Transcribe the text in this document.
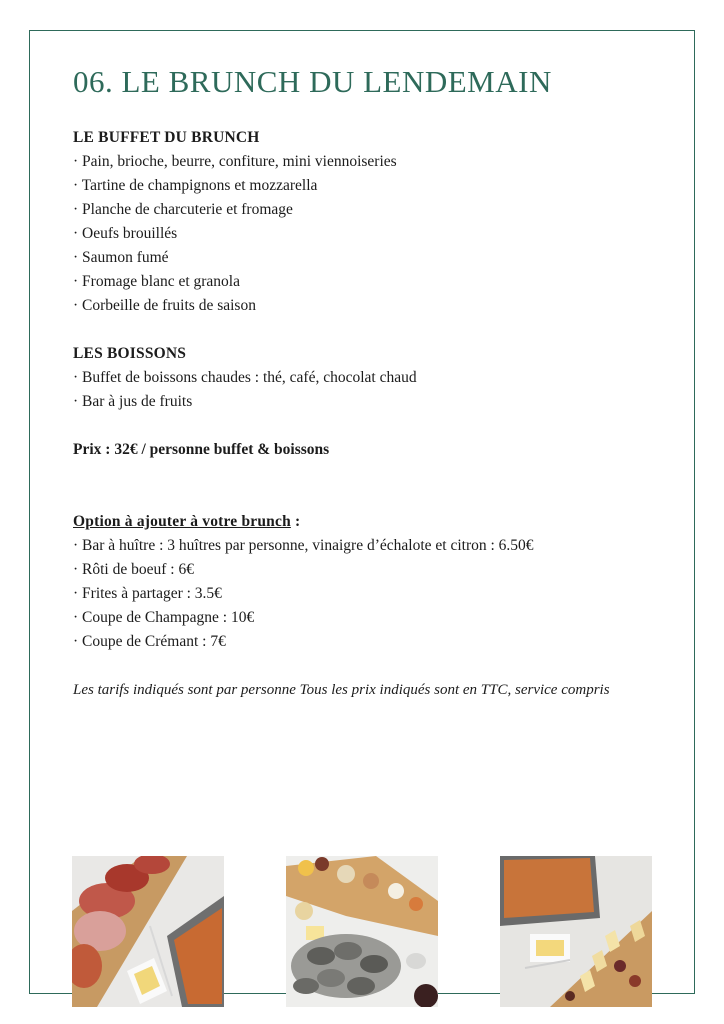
06. LE BRUNCH DU LENDEMAIN
LE BUFFET DU BRUNCH
· Pain, brioche, beurre, confiture, mini viennoiseries
· Tartine de champignons et mozzarella
· Planche de charcuterie et fromage
· Oeufs brouillés
· Saumon fumé
· Fromage blanc et granola
· Corbeille de fruits de saison
LES BOISSONS
· Buffet de boissons chaudes : thé, café, chocolat chaud
· Bar à jus de fruits
Prix : 32€ / personne buffet & boissons
Option à ajouter à votre brunch :
· Bar à huître : 3 huîtres par personne, vinaigre d’échalote et citron : 6.50€
· Rôti de boeuf : 6€
· Frites à partager : 3.5€
· Coupe de Champagne : 10€
· Coupe de Crémant : 7€
Les tarifs indiqués sont par personne Tous les prix indiqués sont en TTC, service compris
